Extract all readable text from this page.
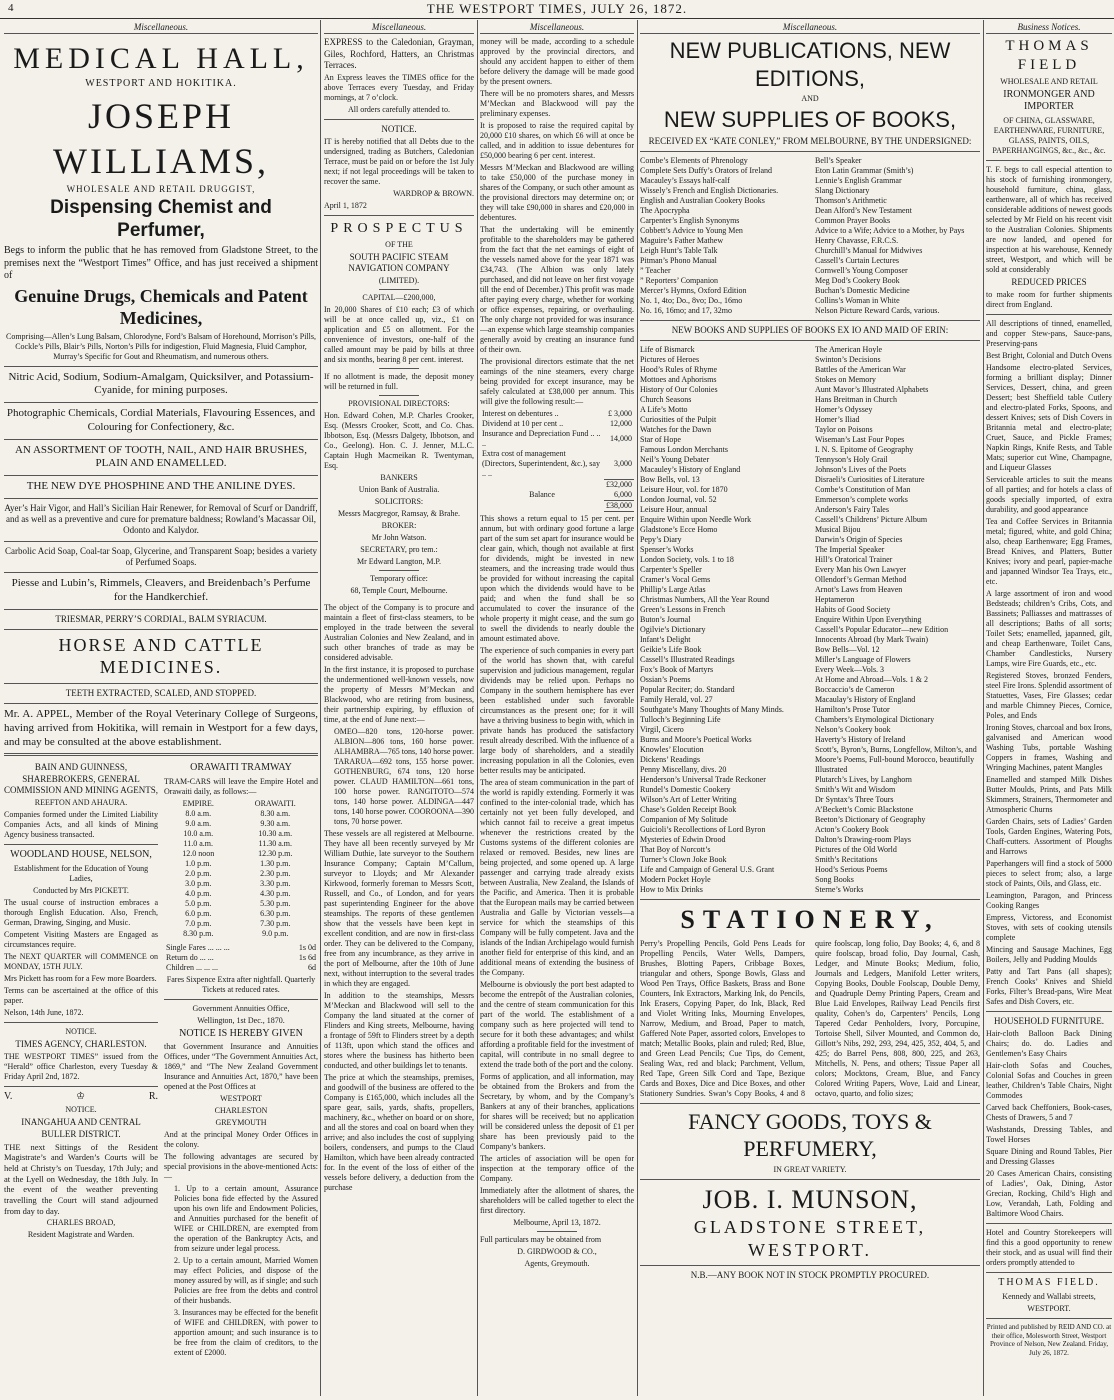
4	THE WESTPORT TIMES, JULY 26, 1872.
Miscellaneous.
MEDICAL HALL,
WESTPORT AND HOKITIKA.
JOSEPH WILLIAMS,
WHOLESALE AND RETAIL DRUGGIST,
Dispensing Chemist and Perfumer,

Begs to inform the public that he has removed from Gladstone Street, to the premises next the “Westport Times” Office, and has just received a shipment of

Genuine Drugs, Chemicals and Patent Medicines,

Comprising—Allen’s Lung Balsam, Chlorodyne, Ford’s Balsam of Horehound, Morrison’s Pills, Cockle’s Pills, Blair’s Pills, Norton’s Pills for indigestion, Fluid Magnesia, Fluid Camphor, Murray’s Specific for Gout and Rheumatism, and numerous others.

Nitric Acid, Sodium, Sodium-Amalgam, Quicksilver, and Potassium-Cyanide, for mining purposes.

Photographic Chemicals, Cordial Materials, Flavouring Essences, and Colouring for Confectionery, &c.

AN ASSORTMENT OF TOOTH, NAIL, AND HAIR BRUSHES, PLAIN AND ENAMELLED.

THE NEW DYE PHOSPHINE AND THE ANILINE DYES.

Ayer’s Hair Vigor, and Hall’s Sicilian Hair Renewer, for Removal of Scurf or Dandriff, and as well as a preventive and cure for premature baldness; Rowland’s Macassar Oil, Odonto and Kalydor.

Carbolic Acid Soap, Coal-tar Soap, Glycerine, and Transparent Soap; besides a variety of Perfumed Soaps.

Piesse and Lubin’s, Rimmels, Cleavers, and Breidenbach’s Perfume for the Handkerchief.

TRIESMAR, PERRY’S CORDIAL, BALM SYRIACUM.

HORSE AND CATTLE MEDICINES.

TEETH EXTRACTED, SCALED, AND STOPPED.

Mr. A. APPEL, Member of the Royal Veterinary College of Surgeons, having arrived from Hokitika, will remain in Westport for a few days, and may be consulted at the above establishment.

BAIN AND GUINNESS, SHAREBROKERS, GENERAL COMMISSION AND MINING AGENTS,

REEFTON AND AHAURA.

Companies formed under the Limited Liability Companies Acts, and all kinds of Mining Agency business transacted.

WOODLAND HOUSE, NELSON,

Establishment for the Education of Young Ladies,

Conducted by Mrs PICKETT.

The usual course of instruction embraces a thorough English Education. Also, French, German, Drawing, Singing, and Music.

Competent Visiting Masters are Engaged as circumstances require.

The NEXT QUARTER will COMMENCE on MONDAY, 15TH JULY.

Mrs Pickett has room for a Few more Boarders.

Terms can be ascertained at the office of this paper.

Nelson, 14th June, 1872.

NOTICE.

TIMES AGENCY, CHARLESTON.

THE WESTPORT TIMES” issued from the “Herald” office Charleston, every Tuesday & Friday April 2nd, 1872.

V.	♔	R.

NOTICE.

INANGAHUA AND CENTRAL BULLER DISTRICT.

THE next Sittings of the Resident Magistrate’s and Warden’s Courts will be held at Christy’s on Tuesday, 17th July; and at the Lyell on Wednesday, the 18th July. In the event of the weather preventing travelling the Court will stand adjourned from day to day.

CHARLES BROAD,

Resident Magistrate and Warden.

ORAWAITI TRAMWAY

TRAM-CARS will leave the Empire Hotel and Orawaiti daily, as follows:—

EMPIRE.	ORAWAITI.
8.0 a.m.	8.30 a.m.
9.0 a.m.	9.30 a.m.
10.0 a.m.	10.30 a.m.
11.0 a.m.	11.30 a.m.
12.0 noon	12.30 p.m.
1.0 p.m.	1.30 p.m.
2.0 p.m.	2.30 p.m.
3.0 p.m.	3.30 p.m.
4.0 p.m.	4.30 p.m.
5.0 p.m.	5.30 p.m.
6.0 p.m.	6.30 p.m.
7.0 p.m.	7.30 p.m.
8.30 p.m.	9.0 p.m.
Single Fares ... ... ...	1s 0d
Return do ... ...	1s 6d
Children ... ... ...	6d

Fares Sixpence Extra after nightfall. Quarterly Tickets at reduced rates.

Government Annuities Office,

Wellington, 1st Dec., 1870.

NOTICE IS HEREBY GIVEN

that Government Insurance and Annuities Offices, under “The Government Annuities Act, 1869,” and “The New Zealand Government Insurance and Annuities Act, 1870,” have been opened at the Post Offices at

WESTPORT

CHARLESTON

GREYMOUTH

And at the principal Money Order Offices in the colony.

The following advantages are secured by special provisions in the above-mentioned Acts:—

1. Up to a certain amount, Assurance Policies bona fide effected by the Assured upon his own life and Endowment Policies, and Annuities purchased for the benefit of WIFE or CHILDREN, are exempted from the operation of the Bankruptcy Acts, and from seizure under legal process.

2. Up to a certain amount, Married Women may effect Policies, and dispose of the money assured by will, as if single; and such Policies are free from the debts and control of their husbands.

3. Insurances may be effected for the benefit of WIFE and CHILDREN, with power to apportion amount; and such insurance is to be free from the claim of creditors, to the extent of £2000.

Miscellaneous.

EXPRESS to the Caledonian, Grayman, Giles, Rochford, Hatters, an Christmas Terraces.

An Express leaves the TIMES office for the above Terraces every Tuesday, and Friday mornings, at 7 o’clock.

All orders carefully attended to.

NOTICE.

IT is hereby notified that all Debts due to the undersigned, trading as Butchers, Caledonian Terrace, must be paid on or before the 1st July next; if not legal proceedings will be taken to recover the same.

WARDROP & BROWN.

April 1, 1872

PROSPECTUS

OF THE

SOUTH PACIFIC STEAM NAVIGATION COMPANY

(LIMITED).

CAPITAL—£200,000,

In 20,000 Shares of £10 each; £3 of which will be at once called up, viz., £1 on application and £5 on allotment. For the convenience of investors, one-half of the called amount may be paid by bills at three and six months, bearing 8 per cent. interest.

If no allotment is made, the deposit money will be returned in full.

PROVISIONAL DIRECTORS:

Hon. Edward Cohen, M.P. Charles Crooker, Esq. (Messrs Crooker, Scott, and Co. Chas. Ibbotson, Esq. (Messrs Dalgety, Ibbotson, and Co., Geelong). Hon. C. J. Jenner, M.L.C. Captain Hugh Macmeikan R. Twentyman, Esq.

BANKERS

Union Bank of Australia.

SOLICITORS:

Messrs Macgregor, Ramsay, & Brahe.

BROKER:

Mr John Watson.

SECRETARY, pro tem.:

Mr Edward Langton, M.P.

Temporary office:

68, Temple Court, Melbourne.

The object of the Company is to procure and maintain a fleet of first-class steamers, to be employed in the trade between the several Australian Colonies and New Zealand, and in such other branches of trade as may be considered advisable.

In the first instance, it is proposed to purchase the undermentioned well-known vessels, now the property of Messrs M’Meckan and Blackwood, who are retiring from business, their partnership expiring, by effluxion of time, at the end of June next:—

OMEO—820 tons, 120-horse power. ALBION—806 tons, 160 horse power. ALHAMBRA—765 tons, 140 horse power. TARARUA—692 tons, 155 horse power. GOTHENBURG, 674 tons, 120 horse power. CLAUD HAMILTON—661 tons, 100 horse power. RANGITOTO—574 tons, 140 horse power. ALDINGA—447 tons, 140 horse power. COOROONA—390 tons, 70 horse power.

These vessels are all registered at Melbourne. They have all been recently surveyed by Mr William Duthie, late surveyor to the Southern Insurance Company; Captain M’Callum, surveyor to Lloyds; and Mr Alexander Kirkwood, formerly foreman to Messrs Scott, Russell, and Co., of London, and for years past superintending Engineer for the above steamships. The reports of these gentlemen show that the vessels have been kept in excellent condition, and are now in first-class order. They can be delivered to the Company, free from any incumbrance, as they arrive in the port of Melbourne, after the 10th of June next, without interruption to the several trades in which they are engaged.

In addition to the steamships, Messrs M’Meckan and Blackwood will sell to the Company the land situated at the corner of Flinders and King streets, Melbourne, having a frontage of 59ft to Flinders street by a depth of 113ft, upon which stand the offices and stores where the business has hitherto been conducted, and other buildings let to tenants.

The price at which the steamships, premises, and goodwill of the business are offered to the Company is £165,000, which includes all the spare gear, sails, yards, shafts, propellers, machinery, &c., whether on board or on shore, and all the stores and coal on board when they arrive; and also includes the cost of supplying boilers, condensers, and pumps to the Claud Hamilton, which have been already contracted for. In the event of the loss of either of the vessels before delivery, a deduction from the purchase

Miscellaneous.

money will be made, according to a schedule approved by the provincial directors, and should any accident happen to either of them before delivery the damage will be made good by the present owners.

There will be no promoters shares, and Messrs M’Meckan and Blackwood will pay the preliminary expenses.

It is proposed to raise the required capital by 20,000 £10 shares, on which £6 will at once be called, and in addition to issue debentures for £50,000 bearing 6 per cent. interest.

Messrs M’Meckan and Blackwood are willing to take £50,000 of the purchase money in shares of the Company, or such other amount as the provisional directors may determine on; or they will take £90,000 in shares and £20,000 in debentures.

That the undertaking will be eminently profitable to the shareholders may be gathered from the fact that the net earnings of eight of the vessels named above for the year 1871 was £34,743. (The Albion was only lately purchased, and did not leave on her first voyage till the end of December.) This profit was made after paying every charge, whether for working or office expenses, repairing, or overhauling. The only charge not provided for was insurance—an expense which large steamship companies generally avoid by creating an insurance fund of their own.

The provisional directors estimate that the net earnings of the nine steamers, every charge being provided for except insurance, may be safely calculated at £38,000 per annum. This will give the following result:—

Interest on debentures ..	£ 3,000
Dividend at 10 per cent ..	12,000
Insurance and Depreciation Fund .. .. ..	14,000
Extra cost of management (Directors, Superintendent, &c.), say .. ..	3,000
	£32,000
Balance	6,000
	£38,000

This shows a return equal to 15 per cent. per annum, but with ordinary good fortune a large part of the sum set apart for insurance would be clear gain, which, though not available at first for dividends, might be invested in new steamers, and the increasing trade would thus be provided for without increasing the capital upon which the dividends would have to be paid; and when the fund shall be so accumulated to cover the insurance of the whole property it might cease, and the sum go to swell the dividends to nearly double the amount estimated above.

The experience of such companies in every part of the world has shown that, with careful supervision and judicious management, regular dividends may be relied upon. Perhaps no Company in the southern hemisphere has ever been established under such favorable circumstances as the present one; for it will have a thriving business to begin with, which in private hands has produced the satisfactory result already described. With the influence of a large body of shareholders, and a steadily increasing population in all the Colonies, even better results may be anticipated.

The area of steam communication in the part of the world is rapidly extending. Formerly it was confined to the inter-colonial trade, which has certainly not yet been fully developed, and which cannot fail to receive a great impetus whenever the restrictions created by the Customs systems of the different colonies are relaxed or removed. Besides, new lines are being projected, and some opened up. A large passenger and carrying trade already exists between Australia, New Zealand, the Islands of the Pacific, and America. Then it is probable that the European mails may be carried between Australia and Galle by Victorian vessels—a service for which the steamships of this Company will be fully competent. Java and the islands of the Indian Archipelago would furnish another field for enterprise of this kind, and an additional means of extending the business of the Company.

Melbourne is obviously the port best adapted to become the entrepôt of the Australian colonies, and the centre of steam communication for this part of the world. The establishment of a company such as here projected will tend to secure for it both these advantages; and whilst affording a profitable field for the investment of capital, will contribute in no small degree to extend the trade both of the port and the colony.

Forms of application, and all information, may be obtained from the Brokers and from the Secretary, by whom, and by the Company’s Bankers at any of their branches, applications for shares will be received; but no application will be considered unless the deposit of £1 per share has been previously paid to the Company’s bankers.

The articles of association will be open for inspection at the temporary office of the Company.

Immediately after the allotment of shares, the shareholders will be called together to elect the first directory.

Melbourne, April 13, 1872.

Full particulars may be obtained from

D. GIRDWOOD & CO.,

Agents, Greymouth.

Miscellaneous.
NEW PUBLICATIONS, NEW EDITIONS,

AND

NEW SUPPLIES OF BOOKS,

RECEIVED EX “KATE CONLEY,” FROM MELBOURNE, BY THE UNDERSIGNED:

Combe’s Elements of Phrenology

Complete Sets Duffy’s Orators of Ireland

Macauley’s Essays half-calf

Wissely’s French and English Dictionaries.

English and Australian Cookery Books

The Apocrypha

Carpenter’s English Synonyms

Cobbett’s Advice to Young Men

Maguire’s Father Mathew

Leigh Hunt’s Table Talk

Pitman’s Phono Manual

” Teacher

” Reporters’ Companion

Mercer’s Hymns, Oxford Edition

No. 1, 4to; Do., 8vo; Do., 16mo

No. 16, 16mo; and 17, 32mo

Bell’s Speaker

Eton Latin Grammar (Smith’s)

Lennie’s English Grammar

Slang Dictionary

Thomson’s Arithmetic

Dean Alford’s New Testament

Common Prayer Books

Advice to a Wife; Advice to a Mother, by Pays Henry Chavasse, F.R.C.S.

Churchill’s Manual for Midwives

Cassell’s Curtain Lectures

Cornwell’s Young Composer

Meg Dod’s Cookery Book

Buchan’s Domestic Medicine

Collins’s Woman in White

Nelson Picture Reward Cards, various.

NEW BOOKS AND SUPPLIES OF BOOKS EX IO AND MAID OF ERIN:

Life of Bismarck

Pictures of Heroes

Hood’s Rules of Rhyme

Mottoes and Aphorisms

History of Our Colonies

Church Seasons

A Life’s Motto

Curiosities of the Pulpit

Watches for the Dawn

Star of Hope

Famous London Merchants

Neil’s Young Debater

Macauley’s History of England

Bow Bells, vol. 13

Leisure Hour, vol. for 1870

London Journal, vol. 52

Leisure Hour, annual

Enquire Within upon Needle Work

Gladstone’s Ecce Homo

Pepy’s Diary

Spenser’s Works

London Society, vols. 1 to 18

Carpenter’s Speller

Cramer’s Vocal Gems

Phillip’s Large Atlas

Christmas Numbers, All the Year Round

Green’s Lessons in French

Buton’s Journal

Ogilvie’s Dictionary

Infant’s Delight

Geikie’s Life Book

Cassell’s Illustrated Readings

Fox’s Book of Martyrs

Ossian’s Poems

Popular Reciter; do. Standard

Family Herald, vol. 27

Southgate’s Many Thoughts of Many Minds.

Tulloch’s Beginning Life

Virgil, Cicero

Burns and Moore’s Poetical Works

Knowles’ Elocution

Dickens’ Readings

Penny Miscellany, divs. 20

Henderson’s Universal Trade Reckoner

Rundel’s Domestic Cookery

Wilson’s Art of Letter Writing

Chase’s Golden Receipt Book

Companion of My Solitude

Guicioli’s Recollections of Lord Byron

Mysteries of Edwin Drood

That Boy of Norcott’s

Turner’s Clown Joke Book

Life and Campaign of General U.S. Grant

Modern Pocket Hoyle

How to Mix Drinks

The American Hoyle

Swinton’s Decisions

Battles of the American War

Stokes on Memory

Aunt Mavor’s Illustrated Alphabets

Hans Breitman in Church

Homer’s Odyssey

Homer’s Iliad

Taylor on Poisons

Wiseman’s Last Four Popes

I. N. S. Epitome of Geography

Tennyson’s Holy Grail

Johnson’s Lives of the Poets

Disraeli’s Curiosities of Literature

Combe’s Constitution of Man

Emmerson’s complete works

Anderson’s Fairy Tales

Cassell’s Childrens’ Picture Album

Musical Bijou

Darwin’s Origin of Species

The Imperial Speaker

Hill’s Oratorical Trainer

Every Man his Own Lawyer

Ollendorf’s German Method

Arnot’s Laws from Heaven

Heptameron

Habits of Good Society

Enquire Within Upon Everything

Cassell’s Popular Educator—new Edition

Innocents Abroad (by Mark Twain)

Bow Bells—Vol. 12

Miller’s Language of Flowers

Every Week—Vols. 3

At Home and Abroad—Vols. 1 & 2

Boccaccio’s de Cameron

Macaulay’s History of England

Hamilton’s Prose Tutor

Chambers’s Etymological Dictionary

Nelson’s Cookery book

Haverty’s History of Ireland

Scott’s, Byron’s, Burns, Longfellow, Milton’s, and Moore’s Poems, Full-bound Morocco, beautifully Illustrated

Plutarch’s Lives, by Langhorn

Smith’s Wit and Wisdom

Dr Syntax’s Three Tours

A’Beckett’s Comic Blackstone

Beeton’s Dictionary of Geography

Acton’s Cookery Book

Dalton’s Drawing-room Plays

Pictures of the Old World

Smith’s Recitations

Hood’s Serious Poems

Song Books

Sterne’s Works

STATIONERY,

Perry’s Propelling Pencils, Gold Pens Leads for Propelling Pencils, Water Wells, Dampers, Brushes, Blotting Papers, Cribbage Boxes, triangular and others, Sponge Bowls, Glass and Wood Pen Trays, Office Baskets, Brass and Bone Counters, Ink Extractors, Marking Ink, do Pencils, Ink Erasers, Copying Paper, do Ink, Black, Red and Violet Writing Inks, Mourning Envelopes, Narrow, Medium, and Broad, Paper to match, Gaffered Note Paper, assorted colors, Envelopes to match; Metallic Books, plain and ruled; Red, Blue, and Green Lead Pencils; Cue Tips, do Cement, Sealing Wax, red and black; Parchment, Vellum, Red Tape, Green Silk Cord and Tape, Bezique Cards and Boxes, Dice and Dice Boxes, and other Stationery Sundries. Swan’s Copy Books, 4 and 8 quire foolscap, long folio, Day Books; 4, 6, and 8 quire foolscap, broad folio, Day Journal, Cash, Ledger, and Minute Books; Medium, folio, Journals and Ledgers, Manifold Letter writers, Copying Books, Double Foolscap, Double Demy, and Quadruple Demy Printing Papers, Cream and Blue Laid Envelopes, Railway Lead Pencils first quality, Cohen’s do, Carpenters’ Pencils, Long Tapered Cedar Penholders, Ivory, Porcupine, Tortoise Shell, Silver Mounted, and Common do, Gillott’s Nibs, 292, 293, 294, 425, 352, 404, 5, and 425; do Barrel Pens, 808, 800, 225, and 263, Mitchells, N. Pens, and others; Tissue Paper all colors; Mocktons, Cream, Blue, and Fancy Colored Writing Papers, Wove, Laid and Linear, octavo, quarto, and folio sizes;

FANCY GOODS, TOYS & PERFUMERY,

IN GREAT VARIETY.

JOB. I. MUNSON,
GLADSTONE STREET, WESTPORT.

N.B.—ANY BOOK NOT IN STOCK PROMPTLY PROCURED.

Business Notices.
THOMAS FIELD

WHOLESALE AND RETAIL

IRONMONGER AND IMPORTER

OF CHINA, GLASSWARE, EARTHENWARE, FURNITURE, GLASS, PAINTS, OILS, PAPERHANGINGS, &c., &c., &c.

T. F. begs to call especial attention to his stock of furnishing ironmongery, household furniture, china, glass, earthenware, all of which has received considerable additions of newest goods selected by Mr Field on his recent visit to the Australian Colonies. Shipments are now landed, and opened for inspection at his warehouse, Kennedy street, Westport, and which will be sold at considerably

REDUCED PRICES

to make room for further shipments direct from England.

All descriptions of tinned, enamelled, and copper Stew-pans, Sauce-pans, Preserving-pans

Best Bright, Colonial and Dutch Ovens

Handsome electro-plated Services, forming a brilliant display; Dinner Services, Dessert, china, and green Dessert; best Sheffield table Cutlery and electro-plated Forks, Spoons, and dessert Knives; sets of Dish Covers in Britannia metal and electro-plate; Cruet, Sauce, and Pickle Frames; Napkin Rings, Knife Rests, and Table Mats; superior cut Wine, Champagne, and Liqueur Glasses

Serviceable articles to suit the means of all parties; and for hotels a class of goods specially imported, of extra durability, and good appearance

Tea and Coffee Services in Britannia metal; figured, white, and gold China; also, cheap Earthenware; Egg Frames, Bread Knives, and Platters, Butter Knives; ivory and pearl, papier-mache and japanned Windsor Tea Trays, etc., etc.

A large assortment of iron and wood Bedsteads; children’s Cribs, Cots, and Bassinets; Palliasses and mattrasses of all descriptions; Baths of all sorts; Toilet Sets; enamelled, japanned, gilt, and cheap Earthenware, Toilet Cans, Chamber Candlesticks, Nursery Lamps, wire Fire Guards, etc., etc.

Registered Stoves, bronzed Fenders, steel Fire Irons. Splendid assortment of Statuettes, Vases, Fire Glasses; cedar and marble Chimney Pieces, Cornice, Poles, and Ends

Ironing Stoves, charcoal and box Irons, galvanised and American wood Washing Tubs, portable Washing Coppers in frames, Washing and Wringing Machines, patent Mangles

Enamelled and stamped Milk Dishes Butter Moulds, Prints, and Pats Milk Skimmers, Strainers, Thermometer and Atmospheric Churns

Garden Chairs, sets of Ladies’ Garden Tools, Garden Engines, Watering Pots, Chaff-cutters. Assortment of Ploughs and Harrows

Paperhangers will find a stock of 5000 pieces to select from; also, a large stock of Paints, Oils, and Glass, etc.

Leamington, Paragon, and Princess Cooking Ranges

Empress, Victoress, and Economist Stoves, with sets of cooking utensils complete

Mincing and Sausage Machines, Egg Boilers, Jelly and Pudding Moulds

Patty and Tart Pans (all shapes); French Cooks’ Knives and Shield Forks, Filter’s Bread-pans, Wire Meat Safes and Dish Covers, etc.

HOUSEHOLD FURNITURE.

Hair-cloth Balloon Back Dining Chairs; do. do. Ladies and Gentlemen’s Easy Chairs

Hair-cloth Sofas and Couches, Colonial Sofas and Couches in green leather, Children’s Table Chairs, Night Commodes

Carved back Cheffoniers, Book-cases, Chests of Drawers, 5 and 7

Washstands, Dressing Tables, and Towel Horses

Square Dining and Round Tables, Pier and Dressing Glasses

20 Cases American Chairs, consisting of Ladies’, Oak, Dining, Astor Grecian, Rocking, Child’s High and Low, Verandah, Lath, Folding and Baltimore Wood Chairs.

Hotel and Country Storekeepers will find this a good opportunity to renew their stock, and as usual will find their orders promptly attended to

THOMAS FIELD.

Kennedy and Wallabi streets,

WESTPORT.

Printed and published by REID AND CO. at their office, Molesworth Street, Westport Province of Nelson, New Zealand. Friday, July 26, 1872.
